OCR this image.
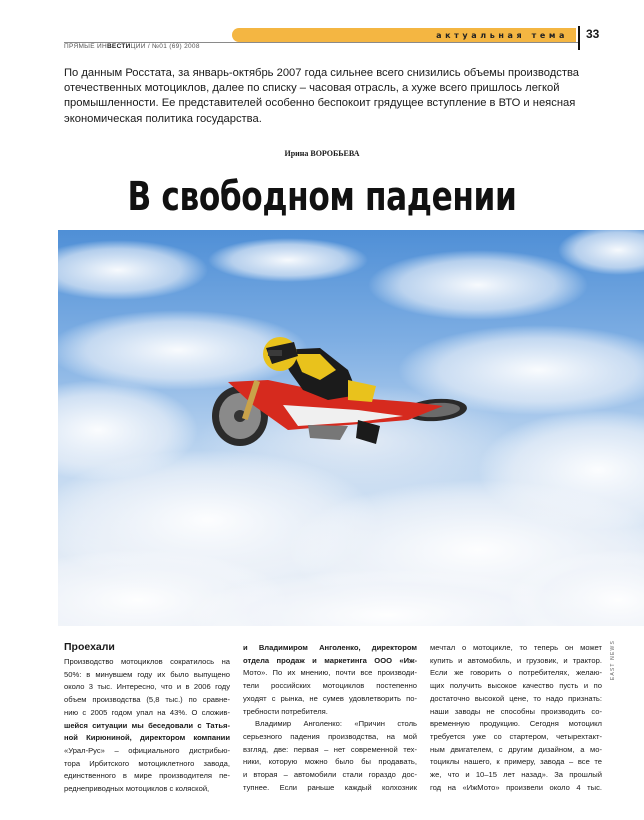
актуальная тема 33
ПРЯМЫЕ ИНВЕСТИЦИИ / №01 (69) 2008
По данным Росстата, за январь-октябрь 2007 года сильнее всего снизились объемы производства
отечественных мотоциклов, далее по списку – часовая отрасль, а хуже всего пришлось легкой
промышленности. Ее представителей особенно беспокоит грядущее вступление в ВТО и неясная
экономическая политика государства.
Ирина ВОРОБЬЕВА
В свободном падении
EAST NEWS
Проехали
Производство мотоциклов сократилось на
50%: в минувшем году их было выпущено
около 3 тыс. Интересно, что и в 2006 году
объем производства (5,8 тыс.) по сравне-
нию с 2005 годом упал на 43%. О сложив-
шейся ситуации мы беседовали с Татья-
ной Кирюниной, директором компании
«Урал-Рус» – официального дистрибью-
тора Ирбитского мотоциклетного завода,
единственного в мире производителя пе-
реднеприводных мотоциклов с коляской,
и Владимиром Анголенко, директором
отдела продаж и маркетинга ООО «Иж-
Мото». По их мнению, почти все производи-
тели российских мотоциклов постепенно
уходят с рынка, не сумев удовлетворить по-
требности потребителя.
Владимир Анголенко: «Причин столь
серьезного падения производства, на мой
взгляд, две: первая – нет современной тех-
ники, которую можно было бы продавать,
и вторая – автомобили стали гораздо дос-
тупнее. Если раньше каждый колхозник
мечтал о мотоцикле, то теперь он может
купить и автомобиль, и грузовик, и трактор.
Если же говорить о потребителях, желаю-
щих получить высокое качество пусть и по
достаточно высокой цене, то надо признать:
наши заводы не способны производить со-
временную продукцию. Сегодня мотоцикл
требуется уже со стартером, четырехтакт-
ным двигателем, с другим дизайном, а мо-
тоциклы нашего, к примеру, завода – все те
же, что и 10–15 лет назад». За прошлый
год на «ИжМото» произвели около 4 тыс.
